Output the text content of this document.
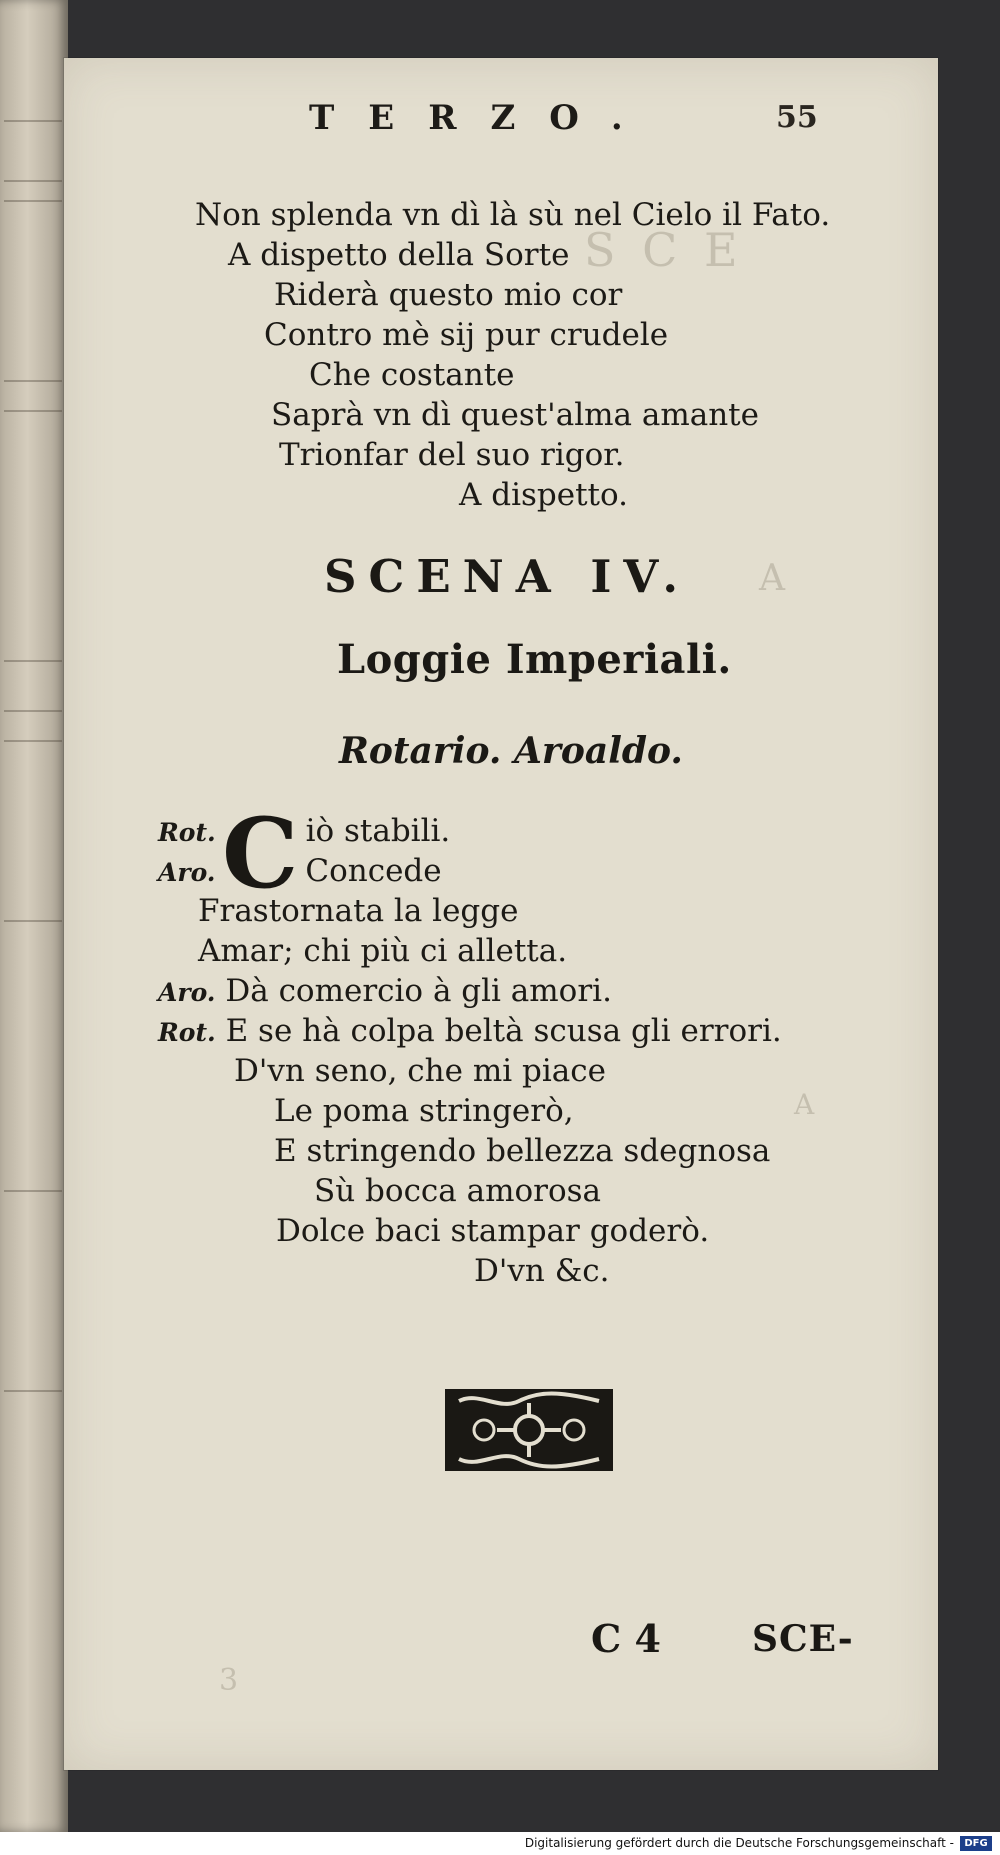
S C E
A
A
3
TERZO.	55
Non splenda vn dì là sù nel Cielo il Fato.
A dispetto della Sorte
Riderà questo mio cor
Contro mè sij pur crudele
Che costante
Saprà vn dì quest'alma amante
Trionfar del suo rigor.
A dispetto.
SCENA IV.
Loggie Imperiali.
Rotario. Aroaldo.
C
Rot.	iò stabili.
Aro.	Concede
Frastornata la legge
Amar; chi più ci alletta.
Aro. Dà comercio à gli amori.
Rot. E se hà colpa beltà scusa gli errori.
D'vn seno, che mi piace
Le poma stringerò,
E stringendo bellezza sdegnosa
Sù bocca amorosa
Dolce baci stampar goderò.
D'vn &c.
C 4	SCE-
Digitalisierung gefördert durch die Deutsche Forschungsgemeinschaft -	DFG
